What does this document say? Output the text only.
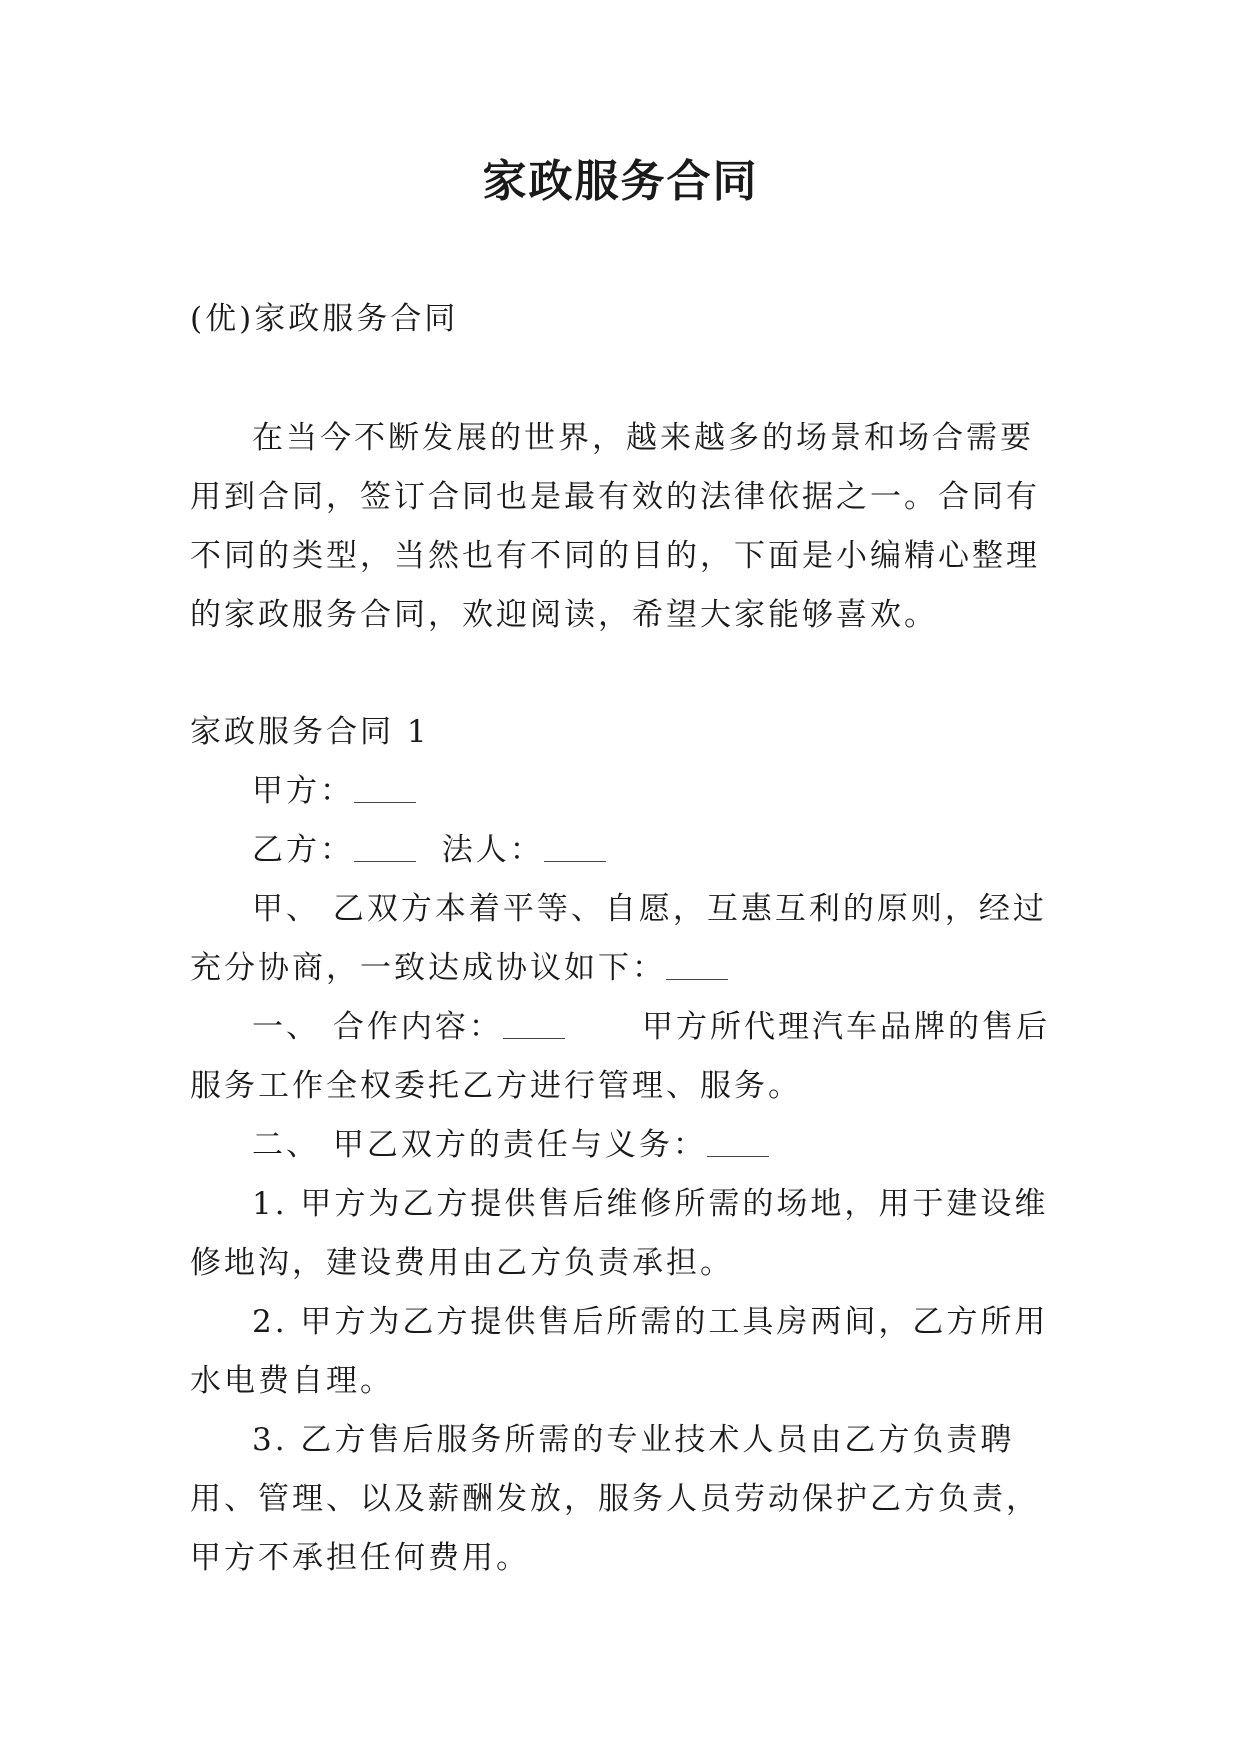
家政服务合同

(优)家政服务合同

在当今不断发展的世界，越来越多的场景和场合需要用到合同，签订合同也是最有效的法律依据之一。合同有不同的类型，当然也有不同的目的，下面是小编精心整理的家政服务合同，欢迎阅读，希望大家能够喜欢。

家政服务合同 1

甲方：

乙方：	法人：

甲、 乙双方本着平等、自愿，互惠互利的原则，经过充分协商，一致达成协议如下：

一、 合作内容：	甲方所代理汽车品牌的售后服务工作全权委托乙方进行管理、服务。

二、 甲乙双方的责任与义务：

1. 甲方为乙方提供售后维修所需的场地，用于建设维修地沟，建设费用由乙方负责承担。

2. 甲方为乙方提供售后所需的工具房两间，乙方所用水电费自理。

3. 乙方售后服务所需的专业技术人员由乙方负责聘用、管理、以及薪酬发放，服务人员劳动保护乙方负责，甲方不承担任何费用。
